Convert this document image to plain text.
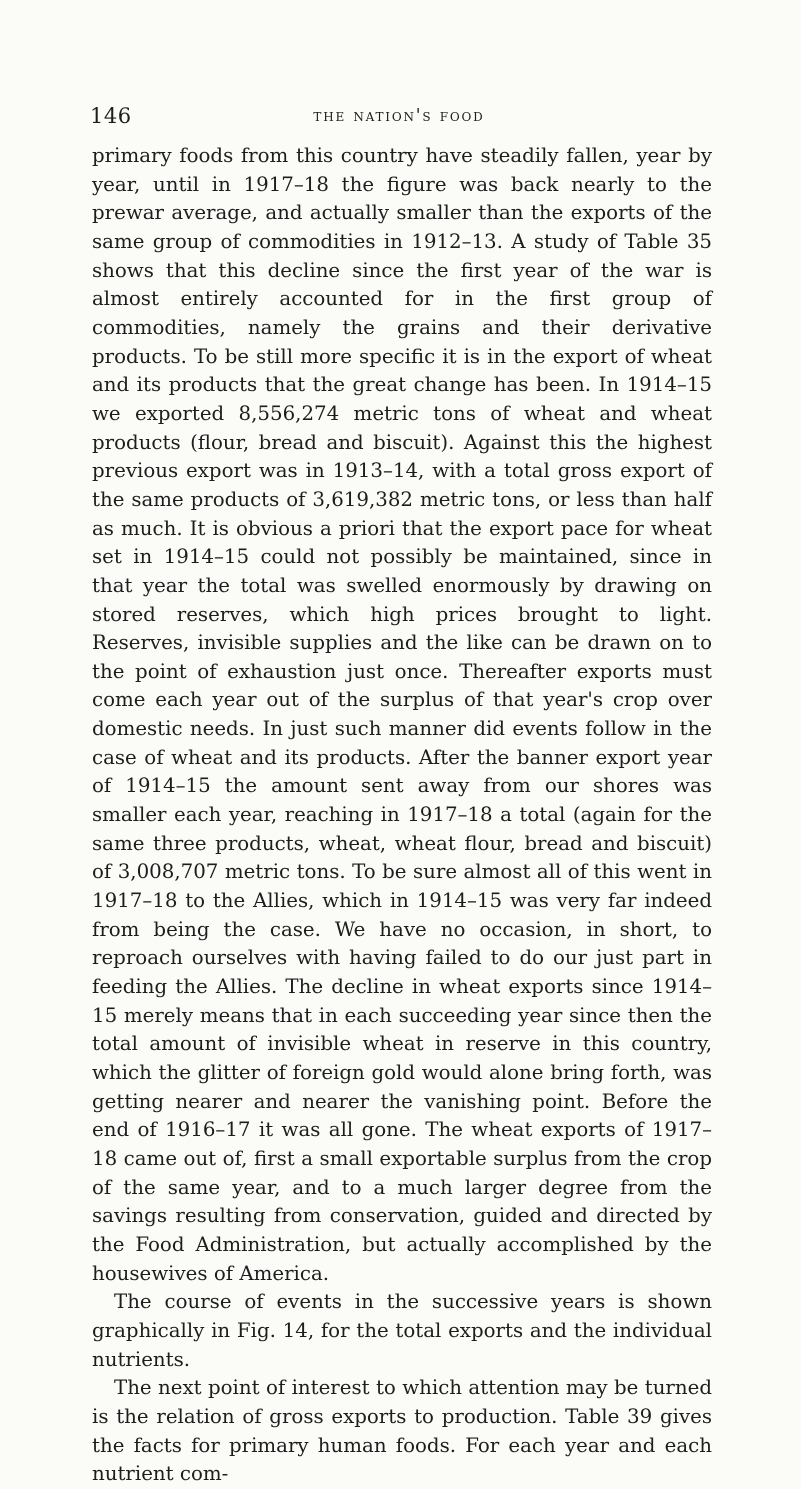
146	the nation's food

primary foods from this country have steadily fallen, year by year, until in 1917–18 the figure was back nearly to the prewar average, and actually smaller than the exports of the same group of commodities in 1912–13. A study of Table 35 shows that this decline since the first year of the war is almost entirely accounted for in the first group of commodities, namely the grains and their derivative products. To be still more specific it is in the export of wheat and its products that the great change has been. In 1914–15 we exported 8,556,274 metric tons of wheat and wheat products (flour, bread and biscuit). Against this the highest previous export was in 1913–14, with a total gross export of the same products of 3,619,382 metric tons, or less than half as much. It is obvious a priori that the export pace for wheat set in 1914–15 could not possibly be maintained, since in that year the total was swelled enormously by drawing on stored reserves, which high prices brought to light. Reserves, invisible supplies and the like can be drawn on to the point of exhaustion just once. Thereafter exports must come each year out of the surplus of that year's crop over domestic needs. In just such manner did events follow in the case of wheat and its products. After the banner export year of 1914–15 the amount sent away from our shores was smaller each year, reaching in 1917–18 a total (again for the same three products, wheat, wheat flour, bread and biscuit) of 3,008,707 metric tons. To be sure almost all of this went in 1917–18 to the Allies, which in 1914–15 was very far indeed from being the case. We have no occasion, in short, to reproach ourselves with having failed to do our just part in feeding the Allies. The decline in wheat exports since 1914–15 merely means that in each succeeding year since then the total amount of invisible wheat in reserve in this country, which the glitter of foreign gold would alone bring forth, was getting nearer and nearer the vanishing point. Before the end of 1916–17 it was all gone. The wheat exports of 1917–18 came out of, first a small exportable surplus from the crop of the same year, and to a much larger degree from the savings resulting from conservation, guided and directed by the Food Administration, but actually accomplished by the housewives of America.

The course of events in the successive years is shown graphically in Fig. 14, for the total exports and the individual nutrients.

The next point of interest to which attention may be turned is the relation of gross exports to production. Table 39 gives the facts for primary human foods. For each year and each nutrient com-
